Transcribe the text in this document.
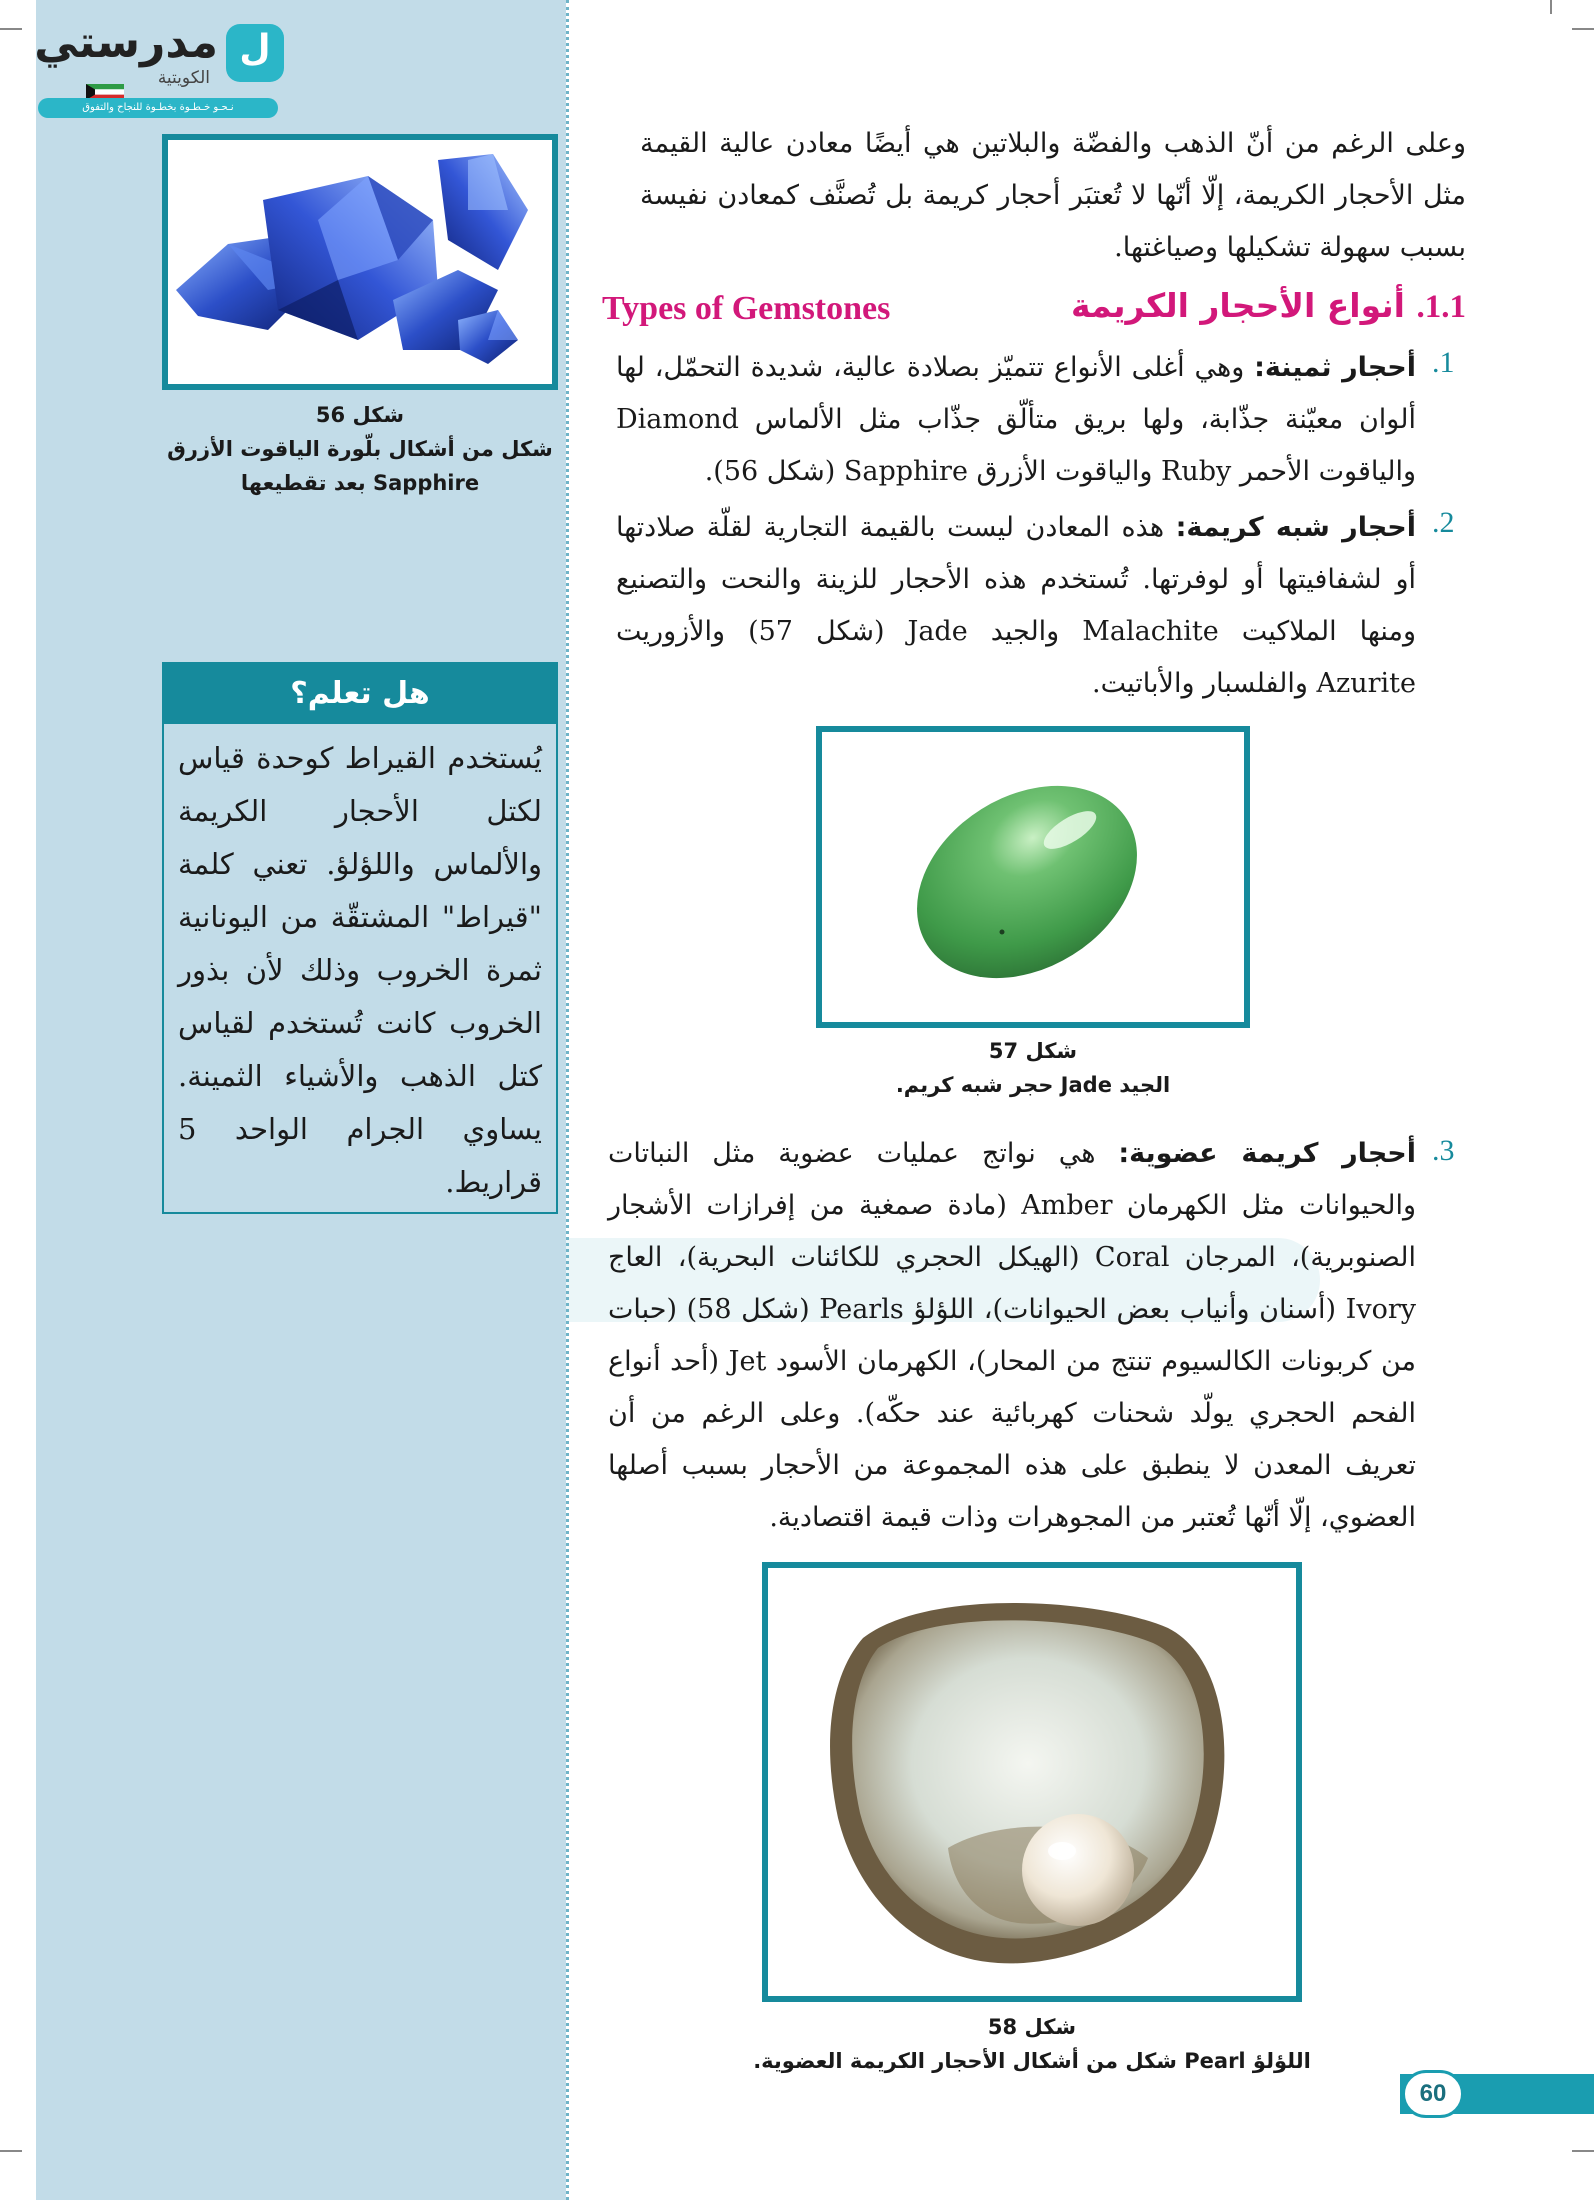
مدرستي
الكويتية
ل
نـحـو خـطـوة بخطـوة للنجاح والتفوق
شكل 56
شكل من أشكال بلّورة الياقوت الأزرق
Sapphire بعد تقطيعها
هل تعلم؟
يُستخدم القيراط كوحدة قياس لكتل الأحجار الكريمة والألماس واللؤلؤ. تعني كلمة "قيراط" المشتقّة من اليونانية ثمرة الخروب وذلك لأن بذور الخروب كانت تُستخدم لقياس كتل الذهب والأشياء الثمينة. يساوي الجرام الواحد 5 قراريط.
وعلى الرغم من أنّ الذهب والفضّة والبلاتين هي أيضًا معادن عالية القيمة مثل الأحجار الكريمة، إلّا أنّها لا تُعتبَر أحجار كريمة بل تُصنَّف كمعادن نفيسة بسبب سهولة تشكيلها وصياغتها.
1.1. أنواع الأحجار الكريمة
Types of Gemstones
.1
أحجار ثمينة: وهي أغلى الأنواع تتميّز بصلادة عالية، شديدة التحمّل، لها ألوان معيّنة جذّابة، ولها بريق متألّق جذّاب مثل الألماس Diamond والياقوت الأحمر Ruby والياقوت الأزرق Sapphire (شكل 56).
.2
أحجار شبه كريمة: هذه المعادن ليست بالقيمة التجارية لقلّة صلادتها أو لشفافيتها أو لوفرتها. تُستخدم هذه الأحجار للزينة والنحت والتصنيع ومنها الملاكيت Malachite والجيد Jade (شكل 57) والأزوريت Azurite والفلسبار والأباتيت.
شكل 57
الجيد Jade حجر شبه كريم.
.3
أحجار كريمة عضوية: هي نواتج عمليات عضوية مثل النباتات والحيوانات مثل الكهرمان Amber (مادة صمغية من إفرازات الأشجار الصنوبرية)، المرجان Coral (الهيكل الحجري للكائنات البحرية)، العاج Ivory (أسنان وأنياب بعض الحيوانات)، اللؤلؤ Pearls (شكل 58) (حبات من كربونات الكالسيوم تنتج من المحار)، الكهرمان الأسود Jet (أحد أنواع الفحم الحجري يولّد شحنات كهربائية عند حكّه). وعلى الرغم من أن تعريف المعدن لا ينطبق على هذه المجموعة من الأحجار بسبب أصلها العضوي، إلّا أنّها تُعتبر من المجوهرات وذات قيمة اقتصادية.
شكل 58
اللؤلؤ Pearl شكل من أشكال الأحجار الكريمة العضوية.
60
